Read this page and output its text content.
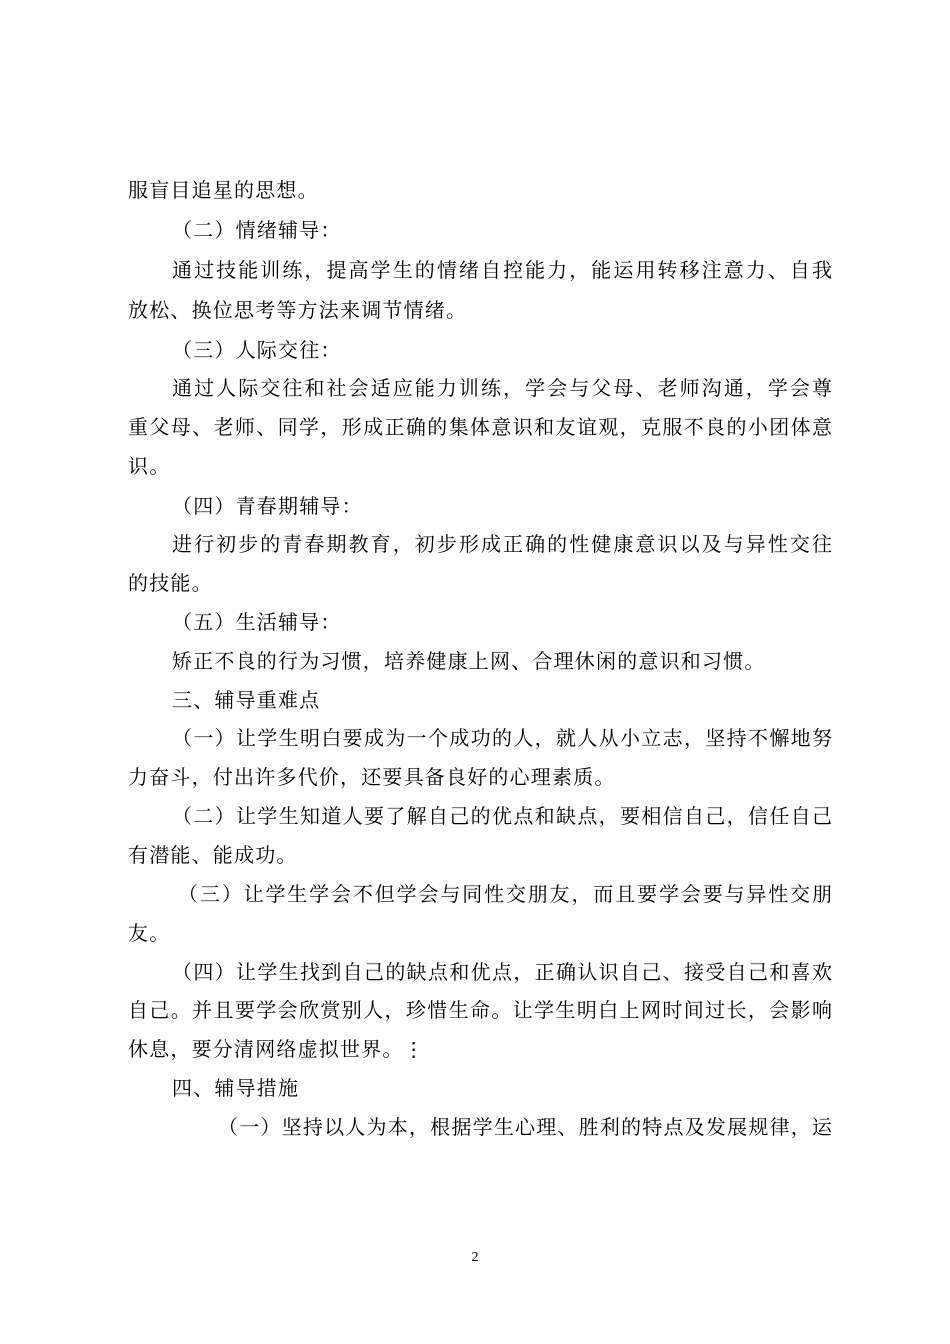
服盲目追星的思想。
（二）情绪辅导：
通过技能训练，提高学生的情绪自控能力，能运用转移注意力、自我
放松、换位思考等方法来调节情绪。
（三）人际交往：
通过人际交往和社会适应能力训练，学会与父母、老师沟通，学会尊
重父母、老师、同学，形成正确的集体意识和友谊观，克服不良的小团体意
识。
（四）青春期辅导：
进行初步的青春期教育，初步形成正确的性健康意识以及与异性交往
的技能。
（五）生活辅导：
矫正不良的行为习惯，培养健康上网、合理休闲的意识和习惯。
三、辅导重难点
（一）让学生明白要成为一个成功的人，就人从小立志，坚持不懈地努
力奋斗，付出许多代价，还要具备良好的心理素质。
（二）让学生知道人要了解自己的优点和缺点，要相信自己，信任自己
有潜能、能成功。
（三）让学生学会不但学会与同性交朋友，而且要学会要与异性交朋
友。
（四）让学生找到自己的缺点和优点，正确认识自己、接受自己和喜欢
自己。并且要学会欣赏别人，珍惜生命。让学生明白上网时间过长，会影响
休息，要分清网络虚拟世界。⋮
四、辅导措施
（一）坚持以人为本，根据学生心理、胜利的特点及发展规律，运
2
